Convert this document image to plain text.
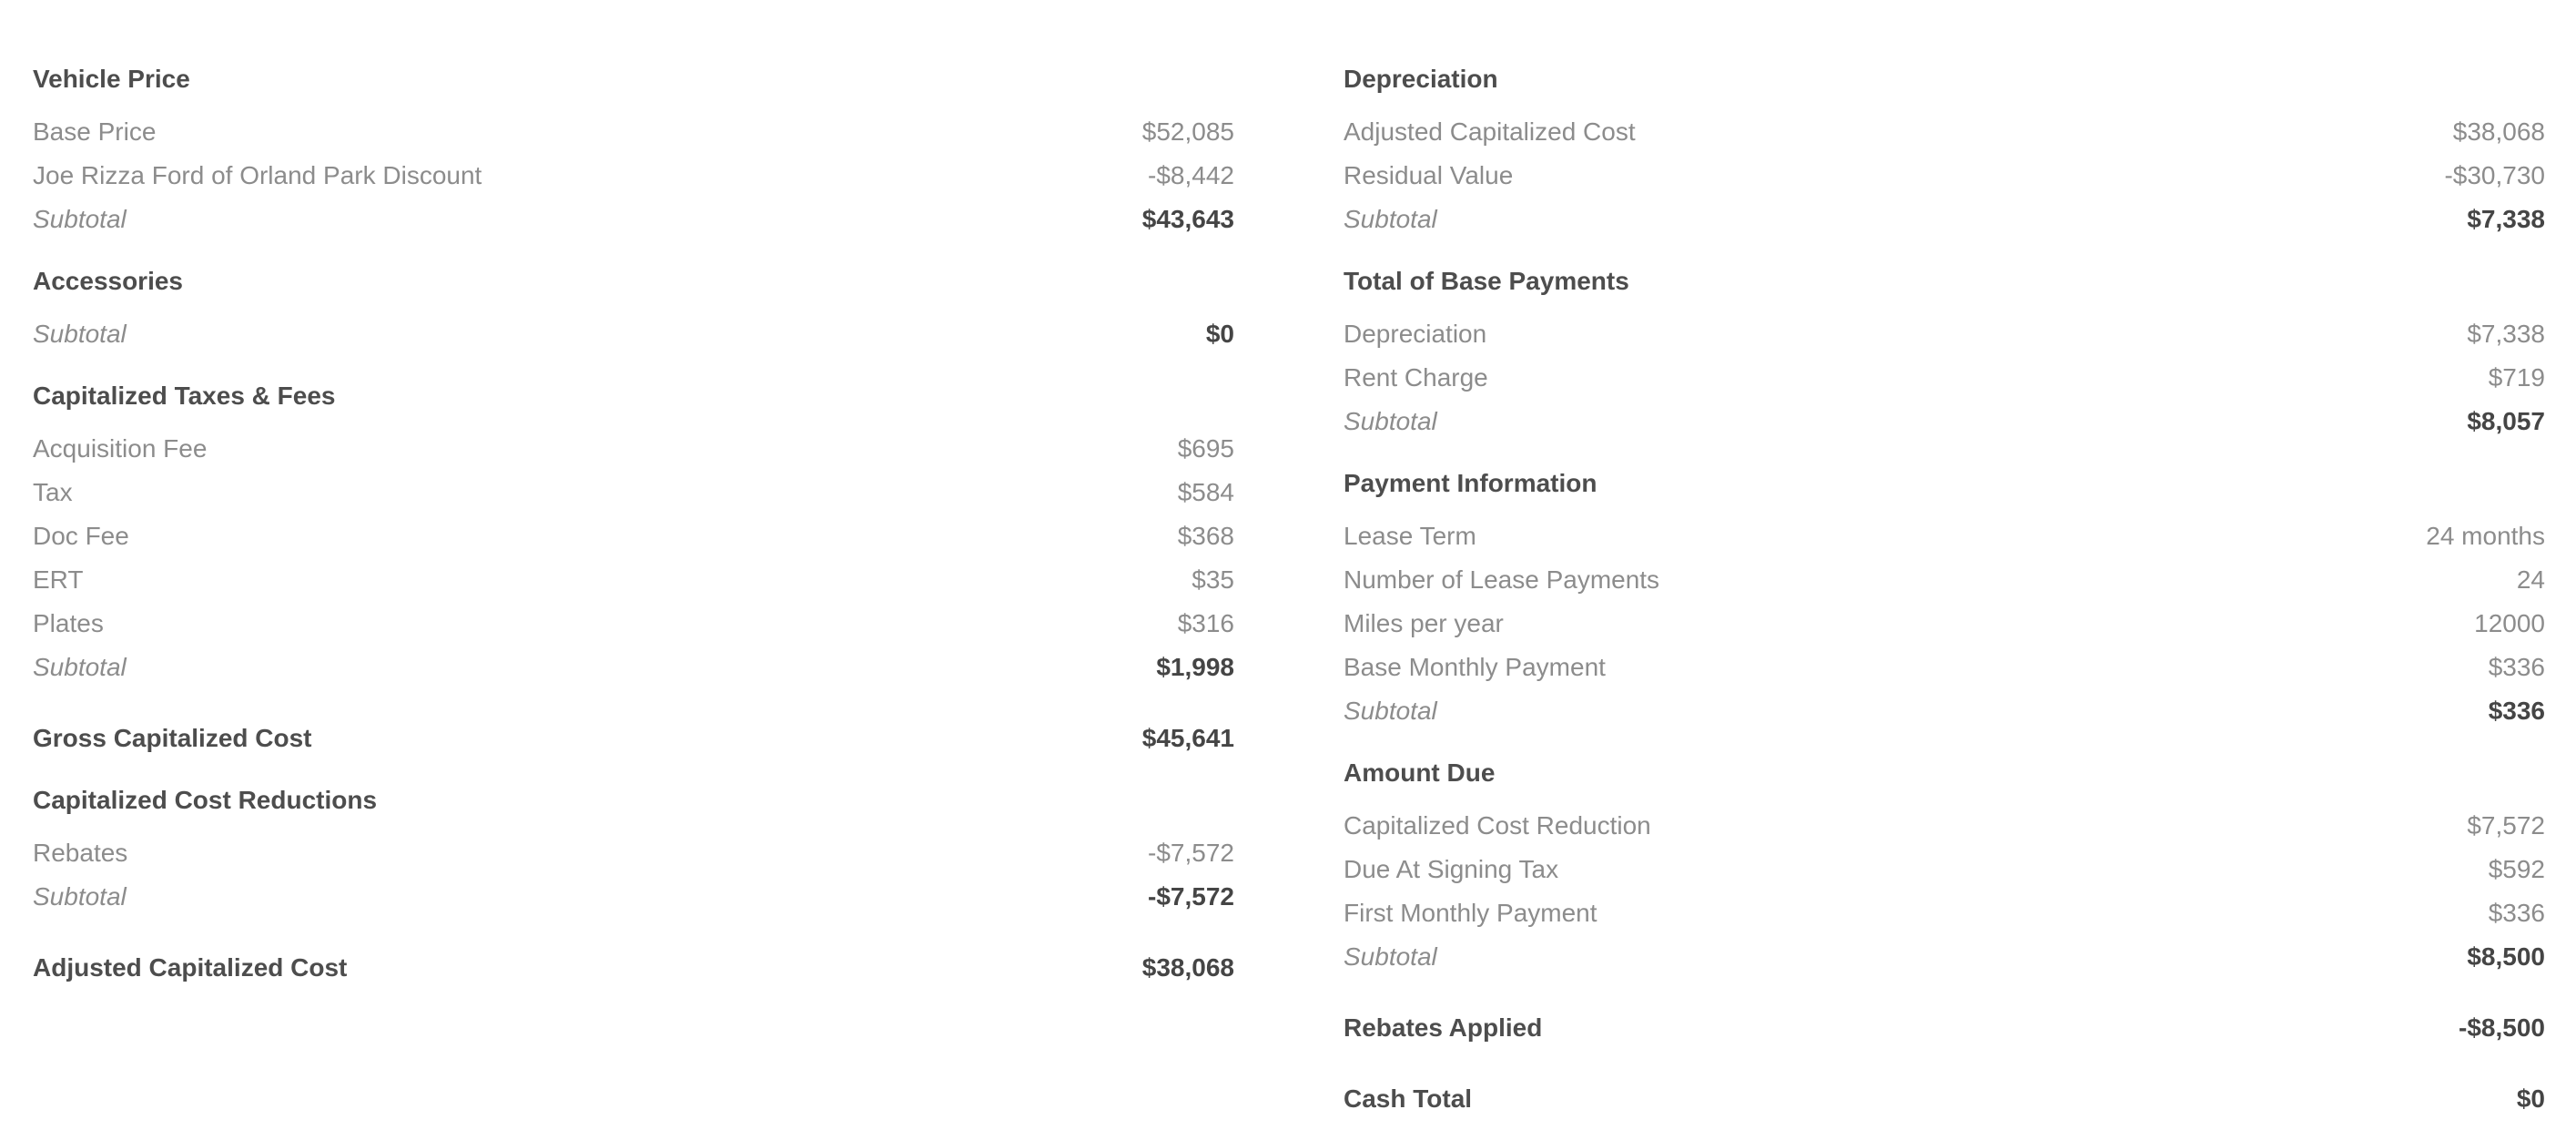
Vehicle Price
Base Price	$52,085
Joe Rizza Ford of Orland Park Discount	-$8,442
Subtotal	$43,643
Accessories
Subtotal	$0
Capitalized Taxes & Fees
Acquisition Fee	$695
Tax	$584
Doc Fee	$368
ERT	$35
Plates	$316
Subtotal	$1,998
Gross Capitalized Cost	$45,641
Capitalized Cost Reductions
Rebates	-$7,572
Subtotal	-$7,572
Adjusted Capitalized Cost	$38,068
Depreciation
Adjusted Capitalized Cost	$38,068
Residual Value	-$30,730
Subtotal	$7,338
Total of Base Payments
Depreciation	$7,338
Rent Charge	$719
Subtotal	$8,057
Payment Information
Lease Term	24 months
Number of Lease Payments	24
Miles per year	12000
Base Monthly Payment	$336
Subtotal	$336
Amount Due
Capitalized Cost Reduction	$7,572
Due At Signing Tax	$592
First Monthly Payment	$336
Subtotal	$8,500
Rebates Applied	-$8,500
Cash Total	$0
